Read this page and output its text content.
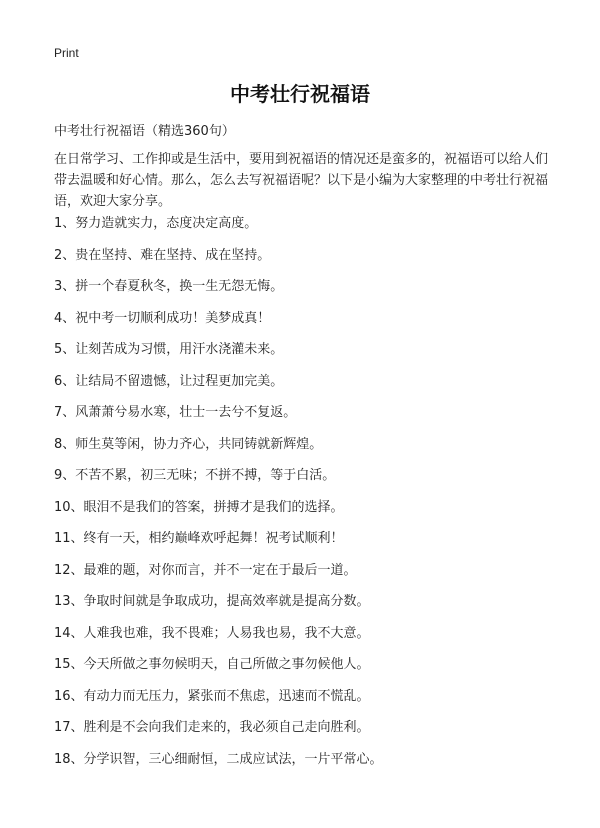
Print
中考壮行祝福语
中考壮行祝福语（精选360句）
在日常学习、工作抑或是生活中，要用到祝福语的情况还是蛮多的，祝福语可以给人们带去温暖和好心情。那么，怎么去写祝福语呢？以下是小编为大家整理的中考壮行祝福语，欢迎大家分享。
1、努力造就实力，态度决定高度。
2、贵在坚持、难在坚持、成在坚持。
3、拼一个春夏秋冬，换一生无怨无悔。
4、祝中考一切顺利成功！美梦成真！
5、让刻苦成为习惯，用汗水浇灌未来。
6、让结局不留遗憾，让过程更加完美。
7、风萧萧兮易水寒，壮士一去兮不复返。
8、师生莫等闲，协力齐心，共同铸就新辉煌。
9、不苦不累，初三无味；不拼不搏，等于白活。
10、眼泪不是我们的答案，拼搏才是我们的选择。
11、终有一天，相约巅峰欢呼起舞！祝考试顺利！
12、最难的题，对你而言，并不一定在于最后一道。
13、争取时间就是争取成功，提高效率就是提高分数。
14、人难我也难，我不畏难；人易我也易，我不大意。
15、今天所做之事勿候明天，自己所做之事勿候他人。
16、有动力而无压力，紧张而不焦虑，迅速而不慌乱。
17、胜利是不会向我们走来的，我必须自己走向胜利。
18、分学识智，三心细耐恒，二成应试法，一片平常心。
